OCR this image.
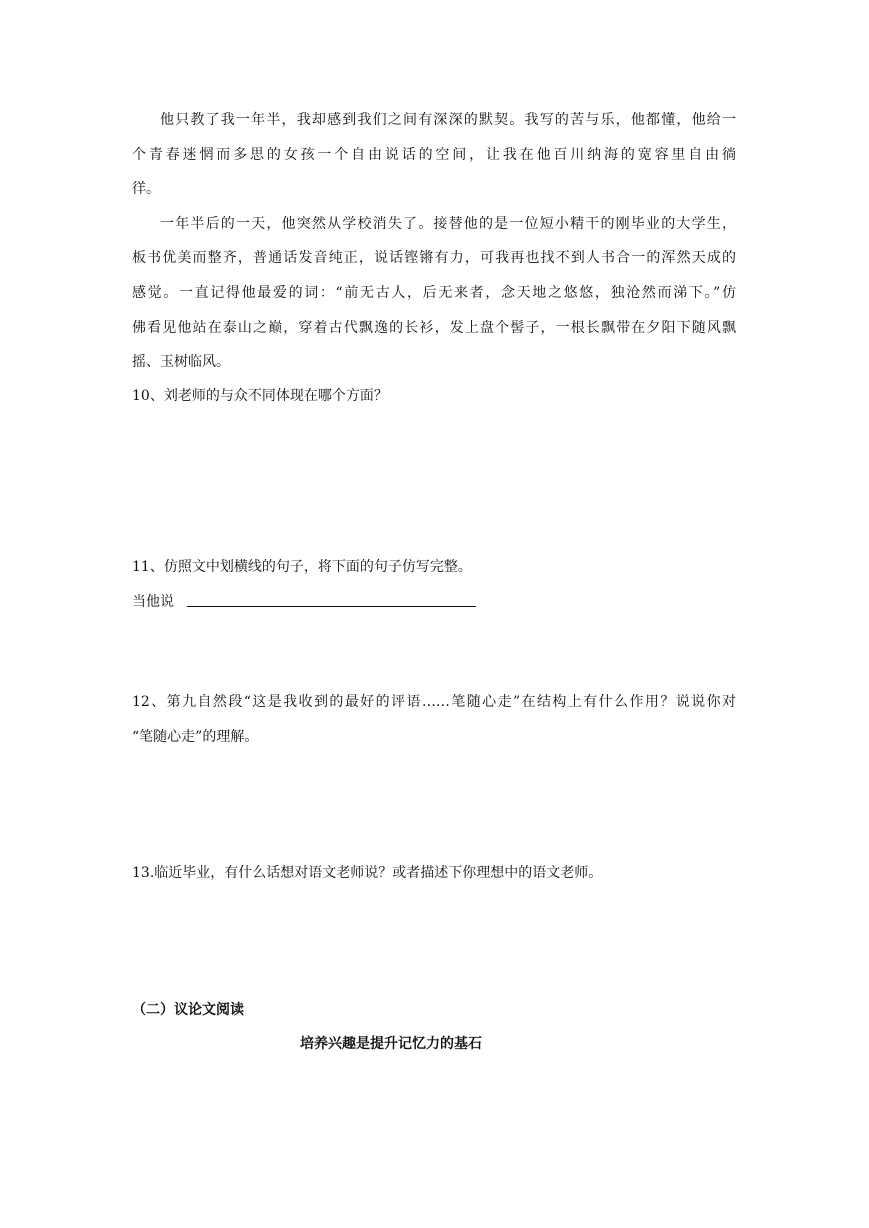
他只教了我一年半，我却感到我们之间有深深的默契。我写的苦与乐，他都懂，他给一
个青春迷惘而多思的女孩一个自由说话的空间，让我在他百川纳海的宽容里自由徜
徉。
一年半后的一天，他突然从学校消失了。接替他的是一位短小精干的刚毕业的大学生，
板书优美而整齐，普通话发音纯正，说话铿锵有力，可我再也找不到人书合一的浑然天成的
感觉。一直记得他最爱的词：“前无古人，后无来者，念天地之悠悠，独沧然而涕下。”仿
佛看见他站在泰山之巅，穿着古代飘逸的长衫，发上盘个髻子，一根长飘带在夕阳下随风飘
摇、玉树临风。
10、刘老师的与众不同体现在哪个方面？
11、仿照文中划横线的句子，将下面的句子仿写完整。
当他说
12、第九自然段“这是我收到的最好的评语……笔随心走”在结构上有什么作用？说说你对
“笔随心走”的理解。
13.临近毕业，有什么话想对语文老师说？或者描述下你理想中的语文老师。
（二）议论文阅读
培养兴趣是提升记忆力的基石
